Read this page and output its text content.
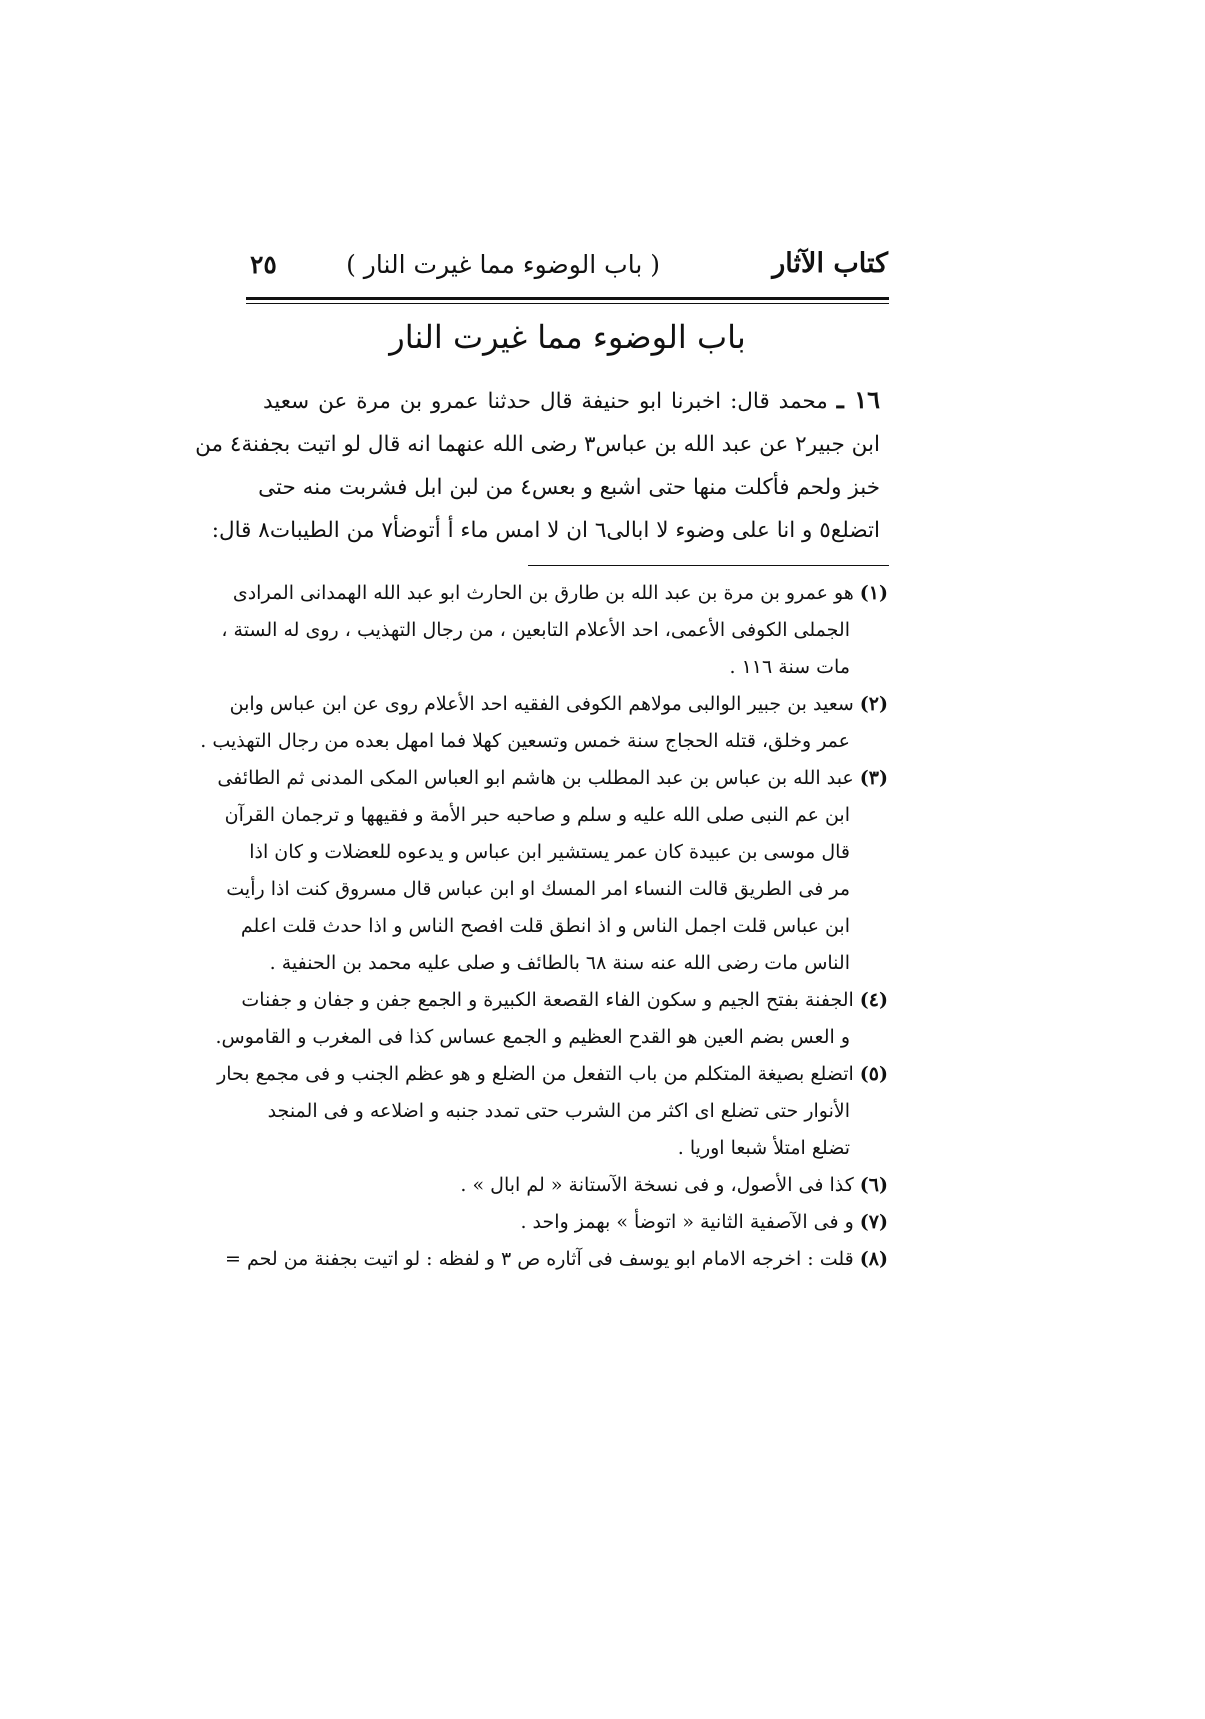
كتاب الآثار
( باب الوضوء مما غيرت النار )
٢٥
باب الوضوء مما غيرت النار
١٦ ـ محمد قال: اخبرنا ابو حنيفة قال حدثنا عمرو بن مرة عن سعيد
ابن جبير٢ عن عبد الله بن عباس٣ رضى الله عنهما انه قال لو اتيت بجفنة٤ من
خبز ولحم فأكلت منها حتى اشبع و بعس٤ من لبن ابل فشربت منه حتى
اتضلع٥ و انا على وضوء لا ابالى٦ ان لا امس ماء أ أتوضأ٧ من الطيبات٨ قال:
(١)هو عمرو بن مرة بن عبد الله بن طارق بن الحارث ابو عبد الله الهمدانى المرادى
الجملى الكوفى الأعمى، احد الأعلام التابعين ، من رجال التهذيب ، روى له الستة ،
مات سنة ١١٦ .
(٢)سعيد بن جبير الوالبى مولاهم الكوفى الفقيه احد الأعلام روى عن ابن عباس وابن
عمر وخلق، قتله الحجاج سنة خمس وتسعين كهلا فما امهل بعده من رجال التهذيب .
(٣)عبد الله بن عباس بن عبد المطلب بن هاشم ابو العباس المكى المدنى ثم الطائفى
ابن عم النبى صلى الله عليه و سلم و صاحبه حبر الأمة و فقيهها و ترجمان القرآن
قال موسى بن عبيدة كان عمر يستشير ابن عباس و يدعوه للعضلات و كان اذا
مر فى الطريق قالت النساء امر المسك او ابن عباس قال مسروق كنت اذا رأيت
ابن عباس قلت اجمل الناس و اذ انطق قلت افصح الناس و اذا حدث قلت اعلم
الناس مات رضى الله عنه سنة ٦٨ بالطائف و صلى عليه محمد بن الحنفية .
(٤)الجفنة بفتح الجيم و سكون الفاء القصعة الكبيرة و الجمع جفن و جفان و جفنات
و العس بضم العين هو القدح العظيم و الجمع عساس كذا فى المغرب و القاموس.
(٥)اتضلع بصيغة المتكلم من باب التفعل من الضلع و هو عظم الجنب و فى مجمع بحار
الأنوار حتى تضلع اى اكثر من الشرب حتى تمدد جنبه و اضلاعه و فى المنجد
تضلع امتلأ شبعا اوريا .
(٦)كذا فى الأصول، و فى نسخة الآستانة « لم ابال » .
(٧)و فى الآصفية الثانية « اتوضأ » بهمز واحد .
(٨)قلت : اخرجه الامام ابو يوسف فى آثاره ص ٣ و لفظه : لو اتيت بجفنة من لحم =
